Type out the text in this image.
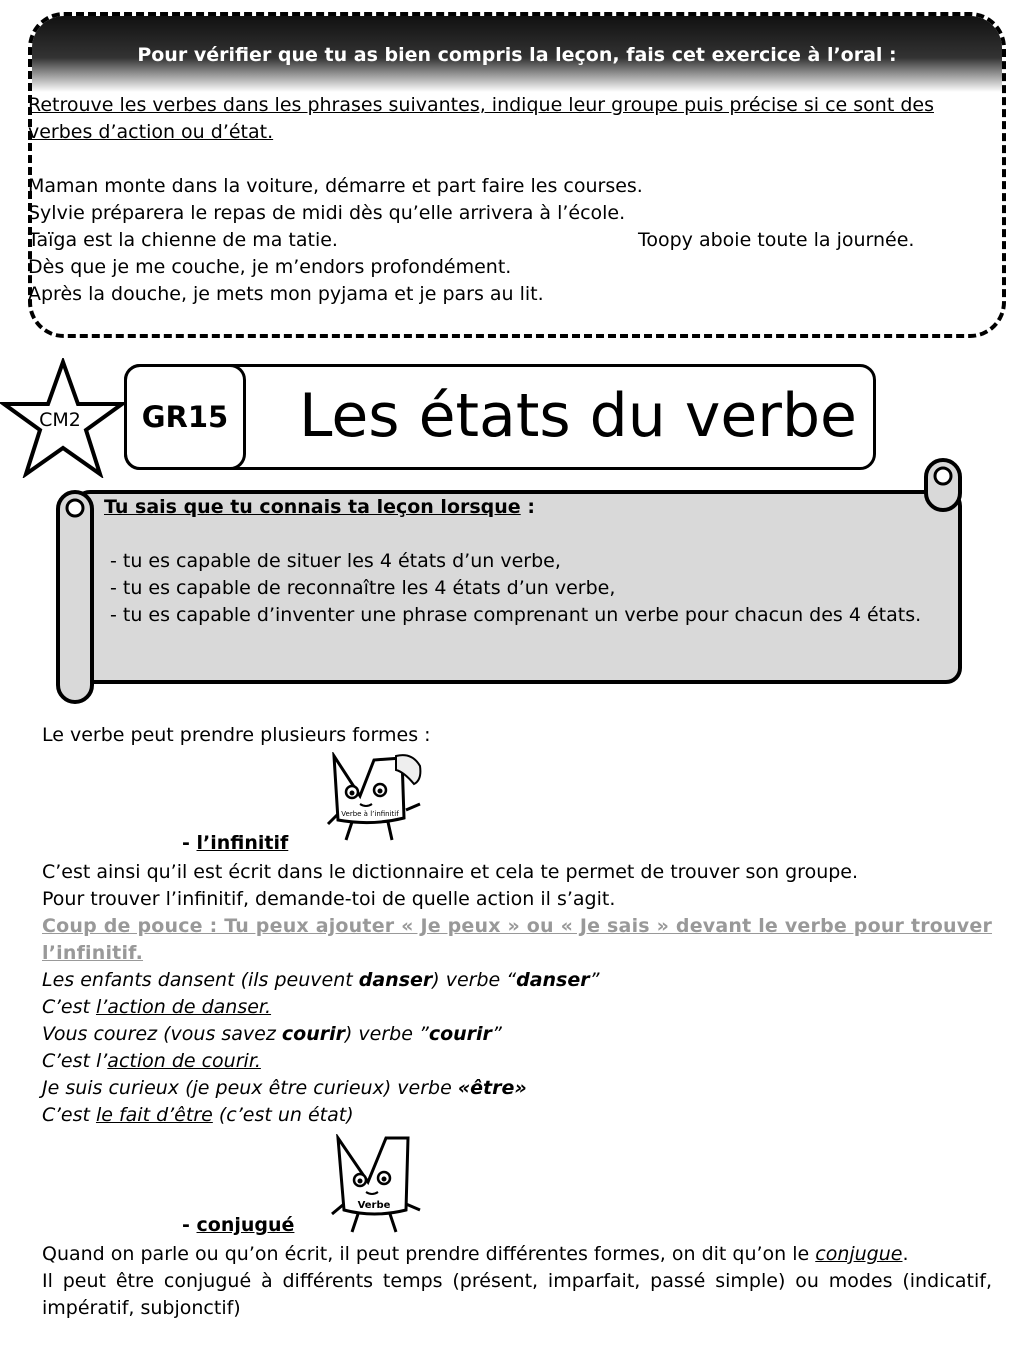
Pour vérifier que tu as bien compris la leçon, fais cet exercice à l’oral :
Retrouve les verbes dans les phrases suivantes, indique leur groupe puis précise si ce sont des verbes d’action ou d’état.
Maman monte dans la voiture, démarre et part faire les courses.
Sylvie préparera le repas de midi dès qu’elle arrivera à l’école.
Taïga est la chienne de ma tatie.	Toopy aboie toute la journée.
Dès que je me couche, je m’endors profondément.
Après la douche, je mets mon pyjama et je pars au lit.
CM2	GR15 Les états du verbe
Tu sais que tu connais ta leçon lorsque :
- tu es capable de situer les 4 états d’un verbe,
- tu es capable de reconnaître les 4 états d’un verbe,
- tu es capable d’inventer une phrase comprenant un verbe pour chacun des 4 états.
Le verbe peut prendre plusieurs formes :
Verbe à l’infinitif
- l’infinitif
C’est ainsi qu’il est écrit dans le dictionnaire et cela te permet de trouver son groupe.
Pour trouver l’infinitif, demande-toi de quelle action il s’agit.
Coup de pouce : Tu peux ajouter « Je peux » ou « Je sais » devant le verbe pour trouver l’infinitif.
Les enfants dansent (ils peuvent danser) verbe “danser”
C’est l’action de danser.
Vous courez (vous savez courir) verbe ”courir”
C’est l’action de courir.
Je suis curieux (je peux être curieux) verbe «être»
C’est le fait d’être (c’est un état)
Verbe
- conjugué
Quand on parle ou qu’on écrit, il peut prendre différentes formes, on dit qu’on le conjugue.
Il peut être conjugué à différents temps (présent, imparfait, passé simple) ou modes (indicatif, impératif, subjonctif)
